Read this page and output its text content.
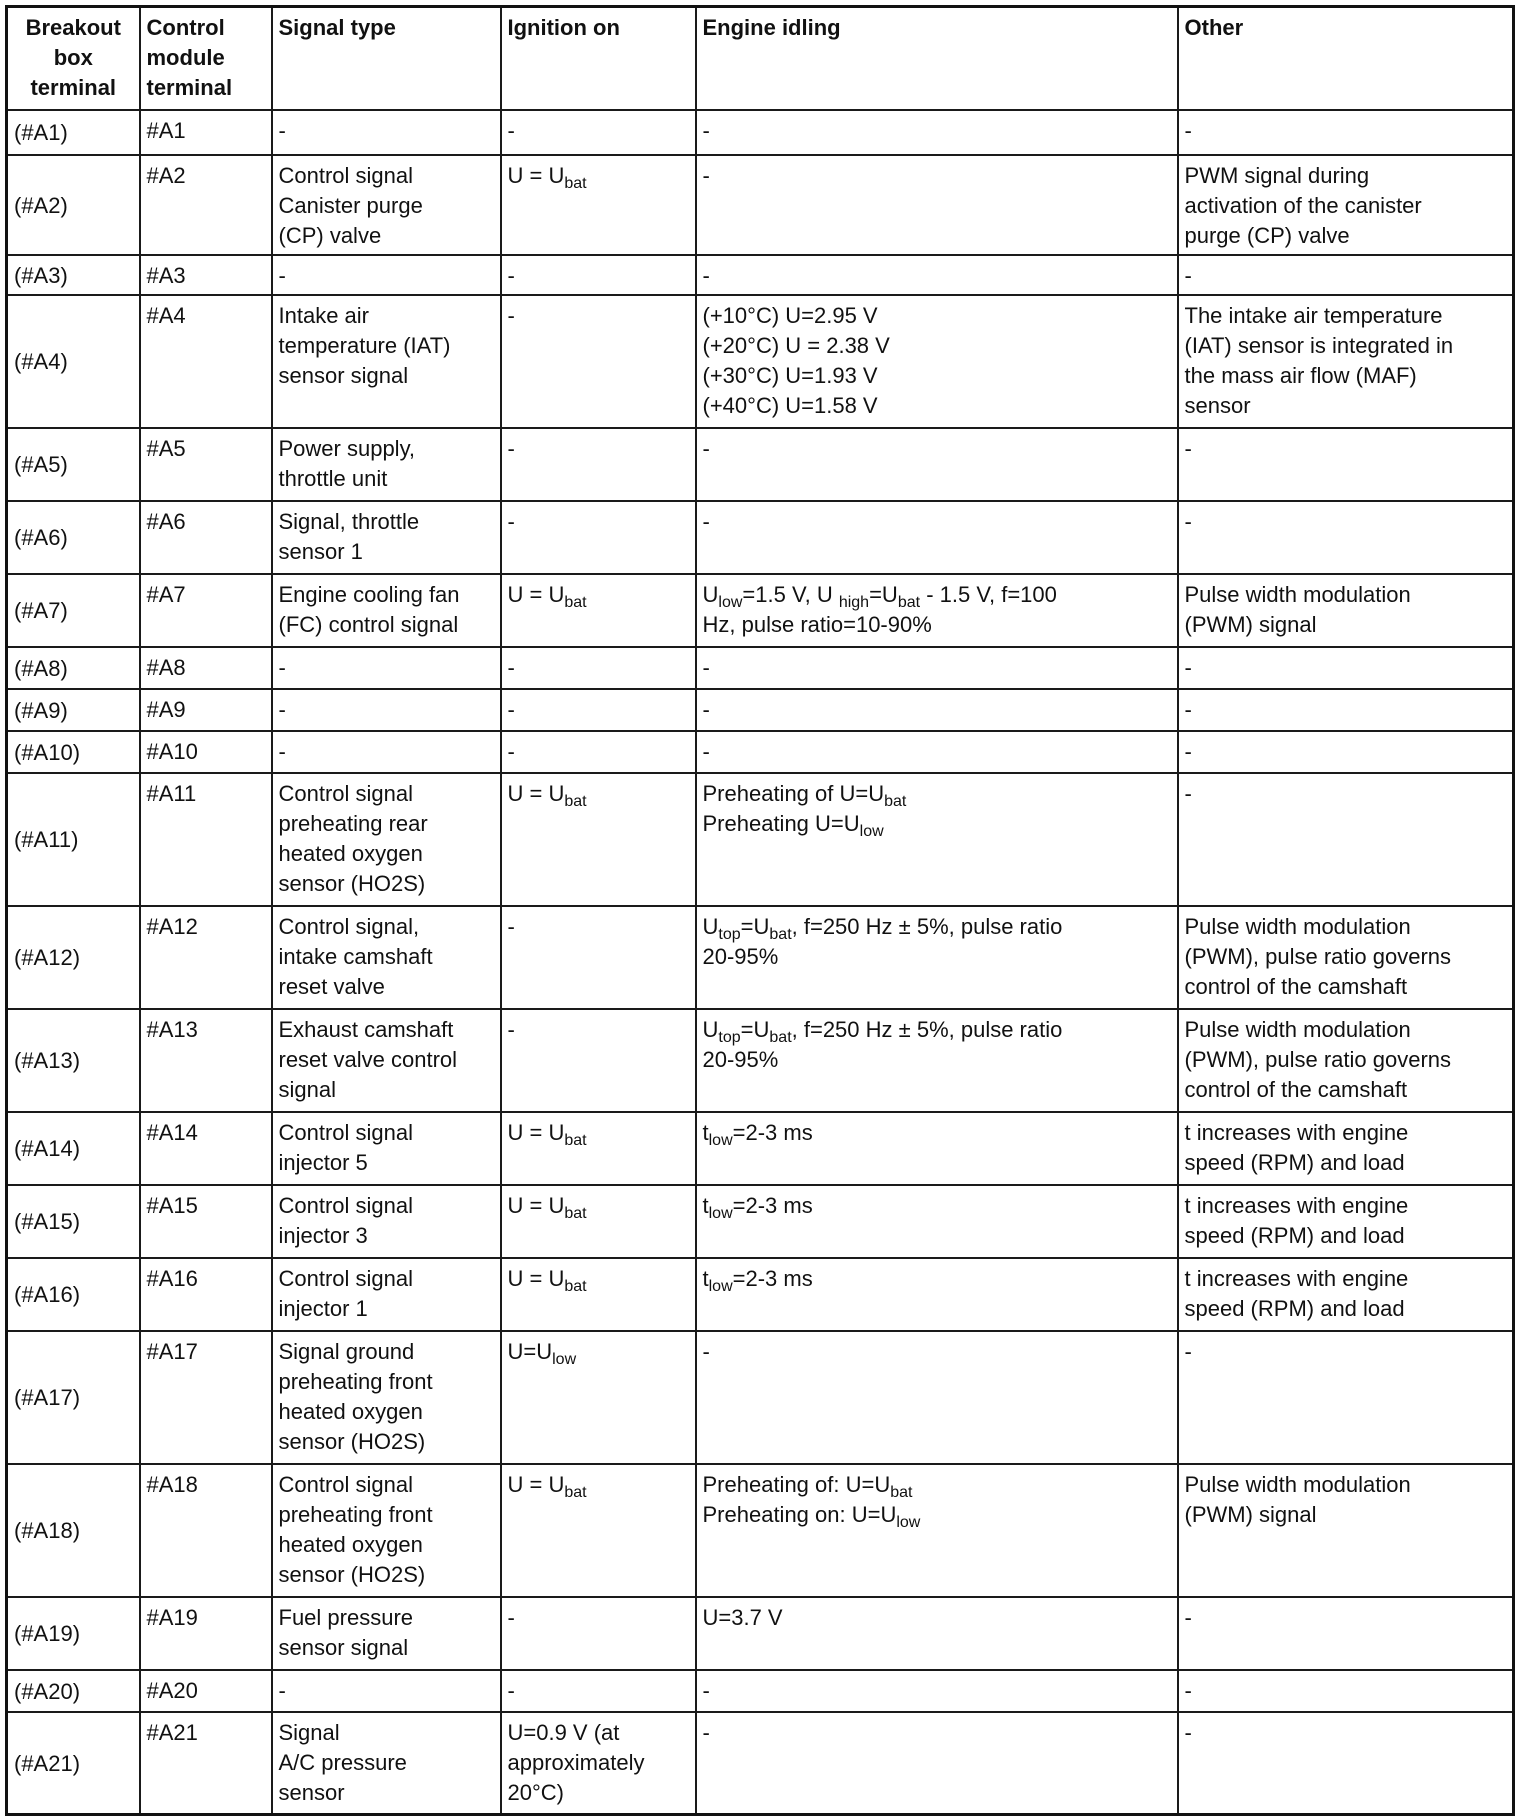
Breakout
box
terminal	Control
module
terminal	Signal type	Ignition on	Engine idling	Other

(#A1)	#A1	-	-	-	-

(#A2)	#A2	Control signal
Canister purge
(CP) valve	$U = U_{bat}$	-	PWM signal during
activation of the canister
purge (CP) valve

(#A3)	#A3	-	-	-	-

(#A4)	#A4	Intake air
temperature (IAT)
sensor signal	-	(+10°C) U=2.95 V
(+20°C) U = 2.38 V
(+30°C) U=1.93 V
(+40°C) U=1.58 V	The intake air temperature
(IAT) sensor is integrated in
the mass air flow (MAF)
sensor

(#A5)	#A5	Power supply,
throttle unit	-	-	-

(#A6)	#A6	Signal, throttle
sensor 1	-	-	-

(#A7)	#A7	Engine cooling fan
(FC) control signal	$U = U_{bat}$	$U_{low}=1.5$ V, U $_{high}=U_{bat} - 1.5$ V, f=100
Hz, pulse ratio=10-90%	Pulse width modulation
(PWM) signal

(#A8)	#A8	-	-	-	-

(#A9)	#A9	-	-	-	-

(#A10)	#A10	-	-	-	-

(#A11)	#A11	Control signal
preheating rear
heated oxygen
sensor (HO2S)	$U = U_{bat}$	Preheating of $U=U_{bat}$
Preheating $U=U_{low}$	-

(#A12)	#A12	Control signal,
intake camshaft
reset valve	-	$U_{top}=U_{bat}$, f=250 Hz ± 5%, pulse ratio
20-95%	Pulse width modulation
(PWM), pulse ratio governs
control of the camshaft

(#A13)	#A13	Exhaust camshaft
reset valve control
signal	-	$U_{top}=U_{bat}$, f=250 Hz ± 5%, pulse ratio
20-95%	Pulse width modulation
(PWM), pulse ratio governs
control of the camshaft

(#A14)	#A14	Control signal
injector 5	$U = U_{bat}$	$t_{low}=2-3$ ms	t increases with engine
speed (RPM) and load

(#A15)	#A15	Control signal
injector 3	$U = U_{bat}$	$t_{low}=2-3$ ms	t increases with engine
speed (RPM) and load

(#A16)	#A16	Control signal
injector 1	$U = U_{bat}$	$t_{low}=2-3$ ms	t increases with engine
speed (RPM) and load

(#A17)	#A17	Signal ground
preheating front
heated oxygen
sensor (HO2S)	$U=U_{low}$	-	-

(#A18)	#A18	Control signal
preheating front
heated oxygen
sensor (HO2S)	$U = U_{bat}$	Preheating of: $U=U_{bat}$
Preheating on: $U=U_{low}$	Pulse width modulation
(PWM) signal

(#A19)	#A19	Fuel pressure
sensor signal	-	U=3.7 V	-

(#A20)	#A20	-	-	-	-

(#A21)	#A21	Signal
A/C pressure
sensor	U=0.9 V (at
approximately
20°C)	-	-
